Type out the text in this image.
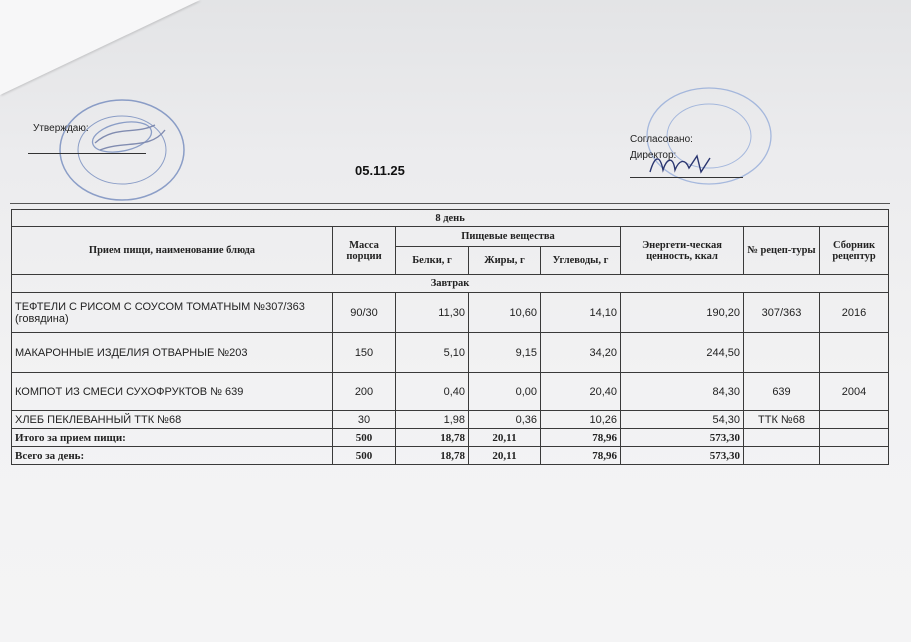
Утверждаю:
Согласовано:
Директор:
05.11.25
8 день							
Прием пищи, наименование блюда	Масса порции	Пищевые вещества			Энергети-ческая ценность, ккал	№ рецеп-туры	Сборник рецептур
		Белки, г	Жиры, г	Углеводы, г			
Завтрак							
ТЕФТЕЛИ С РИСОМ С СОУСОМ ТОМАТНЫМ №307/363 (говядина)	90/30	11,30	10,60	14,10	190,20	307/363	2016
МАКАРОННЫЕ ИЗДЕЛИЯ ОТВАРНЫЕ №203	150	5,10	9,15	34,20	244,50		
КОМПОТ ИЗ СМЕСИ СУХОФРУКТОВ № 639	200	0,40	0,00	20,40	84,30	639	2004
ХЛЕБ ПЕКЛЕВАННЫЙ ТТК №68	30	1,98	0,36	10,26	54,30	ТТК №68	
Итого за прием пищи:	500	18,78	20,11	78,96	573,30		
Всего за день:	500	18,78	20,11	78,96	573,30		
